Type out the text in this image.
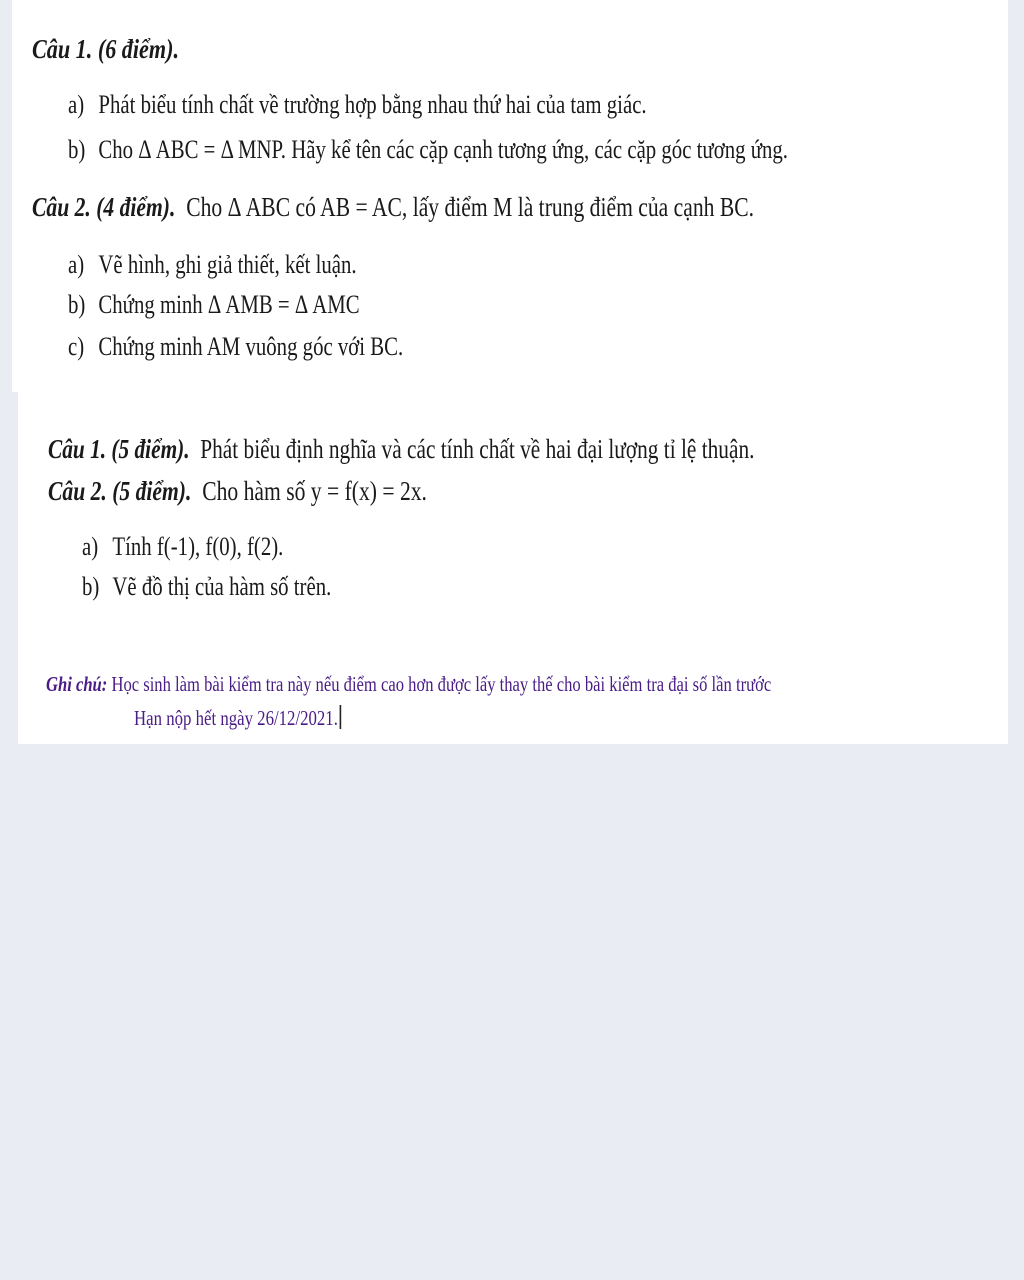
Câu 1. (6 điểm).
a) Phát biểu tính chất về trường hợp bằng nhau thứ hai của tam giác.
b) Cho Δ ABC = Δ MNP. Hãy kể tên các cặp cạnh tương ứng, các cặp góc tương ứng.
Câu 2. (4 điểm). Cho Δ ABC có AB = AC, lấy điểm M là trung điểm của cạnh BC.
a) Vẽ hình, ghi giả thiết, kết luận.
b) Chứng minh Δ AMB = Δ AMC
c) Chứng minh AM vuông góc với BC.
Câu 1. (5 điểm). Phát biểu định nghĩa và các tính chất về hai đại lượng tỉ lệ thuận.
Câu 2. (5 điểm). Cho hàm số y = f(x) = 2x.
a) Tính f(-1), f(0), f(2).
b) Vẽ đồ thị của hàm số trên.
Ghi chú: Học sinh làm bài kiểm tra này nếu điểm cao hơn được lấy thay thế cho bài kiểm tra đại số lần trước
Hạn nộp hết ngày 26/12/2021.
